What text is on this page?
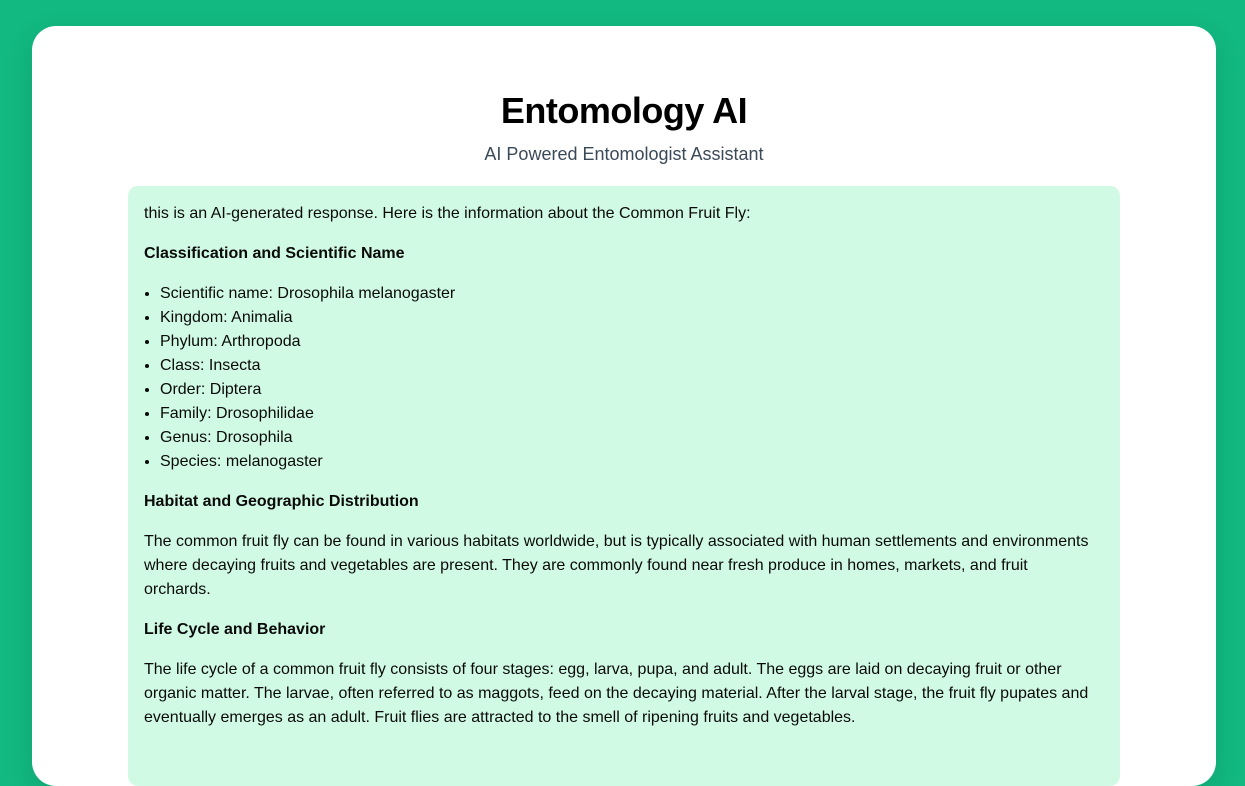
Entomology AI
AI Powered Entomologist Assistant

this is an AI-generated response. Here is the information about the Common Fruit Fly:

Classification and Scientific Name

• Scientific name: Drosophila melanogaster
• Kingdom: Animalia
• Phylum: Arthropoda
• Class: Insecta
• Order: Diptera
• Family: Drosophilidae
• Genus: Drosophila
• Species: melanogaster

Habitat and Geographic Distribution

The common fruit fly can be found in various habitats worldwide, but is typically associated with human settlements and environments where decaying fruits and vegetables are present. They are commonly found near fresh produce in homes, markets, and fruit orchards.

Life Cycle and Behavior

The life cycle of a common fruit fly consists of four stages: egg, larva, pupa, and adult. The eggs are laid on decaying fruit or other organic matter. The larvae, often referred to as maggots, feed on the decaying material. After the larval stage, the fruit fly pupates and eventually emerges as an adult. Fruit flies are attracted to the smell of ripening fruits and vegetables.
